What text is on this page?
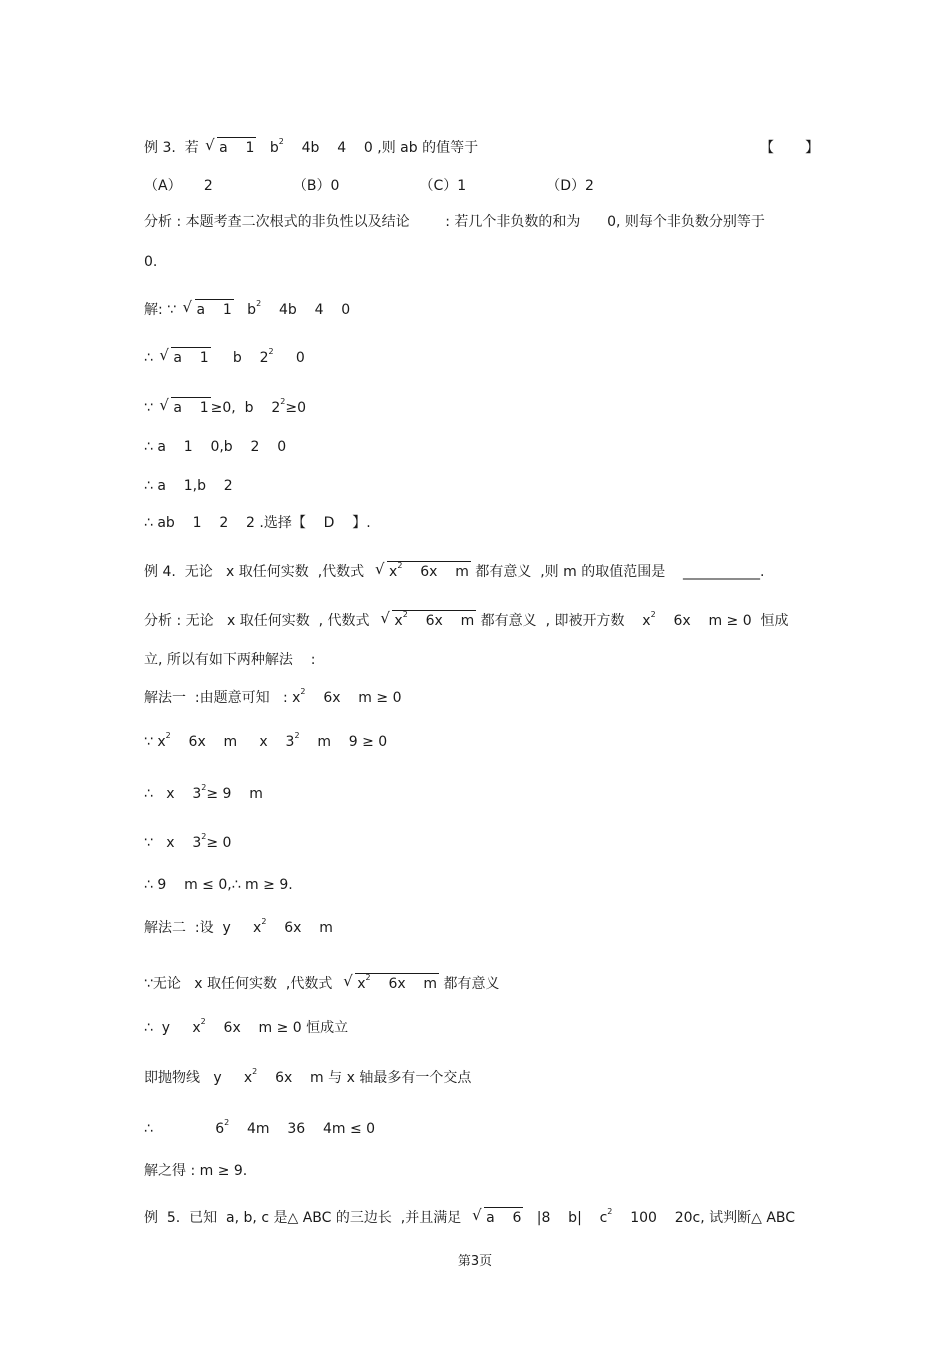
例 3.  若 √ a    1   $b^2$    4b    4    0 ,则 ab 的值等于	【       】
（A）     2                  （B）0                  （C）1                  （D）2
分析 : 本题考查二次根式的非负性以及结论        : 若几个非负数的和为      0, 则每个非负数分别等于
0.
解: ∵ √ a    1   $b^2$    4b    4    0
∴ √ a    1     b    $2^2$     0
∵ √ a    1 ≥0,  b    $2^2\ge 0$
∴ a    1    0,b    2    0
∴ a    1,b    2
∴ ab    1    2    2 .选择【    D    】.
例 4.  无论   x 取任何实数  ,代数式  √ $x^2$    6x    m 都有意义  ,则 m 的取值范围是    ___________.
分析 : 无论   x 取任何实数  , 代数式  √ $x^2$    6x    m 都有意义  , 即被开方数    $x^2$    6x    m ≥ 0  恒成
立, 所以有如下两种解法    :
解法一  :由题意可知   : $x^2$    6x    m ≥ 0
∵ $x^2$    6x    m     x    $3^2$    m    9 ≥ 0
∴   x    $3^2\ge 9$    m
∵   x    $3^2\ge 0$
∴ 9    m ≤ 0,∴ m ≥ 9.
解法二  :设  y     $x^2$    6x    m
∵无论   x 取任何实数  ,代数式  √ $x^2$    6x    m 都有意义
∴  y     $x^2$    6x    m ≥ 0 恒成立
即抛物线   y     $x^2$    6x    m 与 x 轴最多有一个交点
∴              $6^2$    4m    36    4m ≤ 0
解之得 : m ≥ 9.
例  5.  已知  a, b, c 是△ ABC 的三边长  ,并且满足  √ a    6   |8    b|    $c^2$    100    20c, 试判断△ ABC
第3页
